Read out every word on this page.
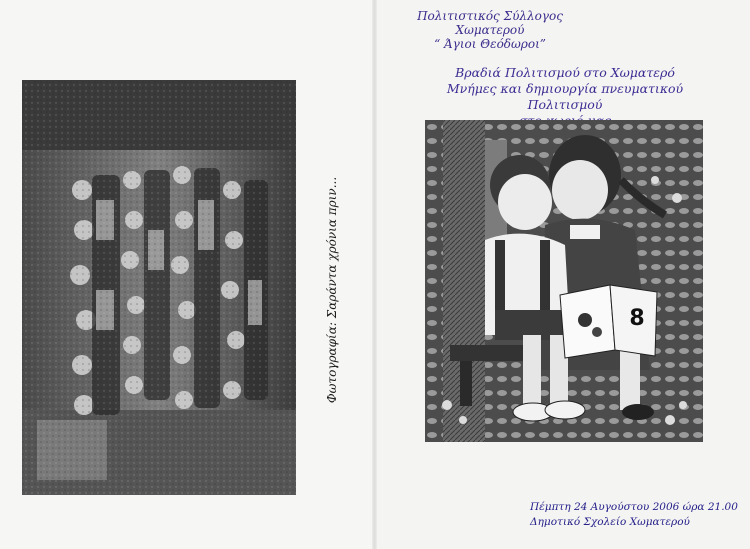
Φωτογραφία: Σαράντα χρόνια πριν...
Πολιτιστικός Σύλλογος Χωματερού
“ Άγιοι Θεόδωροι”
Βραδιά Πολιτισμού στο Χωματερό
Μνήμες και δημιουργία πνευματικού Πολιτισμού
8
Πέμπτη 24 Αυγούστου 2006 ώρα 21.00
Δημοτικό Σχολείο Χωματερού
